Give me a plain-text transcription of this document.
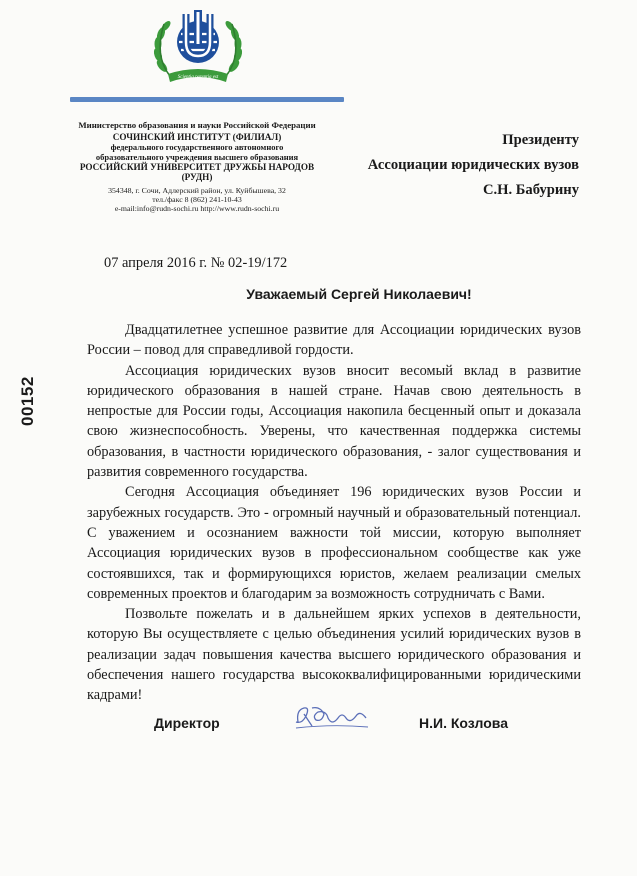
Scientia potentia est
Министерство образования и науки Российской Федерации
СОЧИНСКИЙ ИНСТИТУТ (ФИЛИАЛ)
федерального государственного автономного
образовательного учреждения высшего образования
РОССИЙСКИЙ УНИВЕРСИТЕТ ДРУЖБЫ НАРОДОВ
(РУДН)
354348, г. Сочи, Адлерский район, ул. Куйбышева, 32
тел./факс 8 (862) 241-10-43
e-mail:info@rudn-sochi.ru http://www.rudn-sochi.ru
Президенту
Ассоциации юридических вузов
С.Н. Бабурину
07 апреля 2016 г. № 02-19/172
00152
Уважаемый Сергей Николаевич!

Двадцатилетнее успешное развитие для Ассоциации юридических вузов России – повод для справедливой гордости.

Ассоциация юридических вузов вносит весомый вклад в развитие юридического образования в нашей стране. Начав свою деятельность в непростые для России годы, Ассоциация накопила бесценный опыт и доказала свою жизнеспособность. Уверены, что качественная поддержка системы образования, в частности юридического образования, - залог существования и развития современного государства.

Сегодня Ассоциация объединяет 196 юридических вузов России и зарубежных государств. Это - огромный научный и образовательный потенциал. С уважением и осознанием важности той миссии, которую выполняет Ассоциация юридических вузов в профессиональном сообществе как уже состоявшихся, так и формирующихся юристов, желаем реализации смелых современных проектов и благодарим за возможность сотрудничать с Вами.

Позвольте пожелать и в дальнейшем ярких успехов в деятельности, которую Вы осуществляете с целью объединения усилий юридических вузов в реализации задач повышения качества высшего юридического образования и обеспечения нашего государства высококвалифицированными юридическими кадрами!

Директор	Н.И. Козлова
